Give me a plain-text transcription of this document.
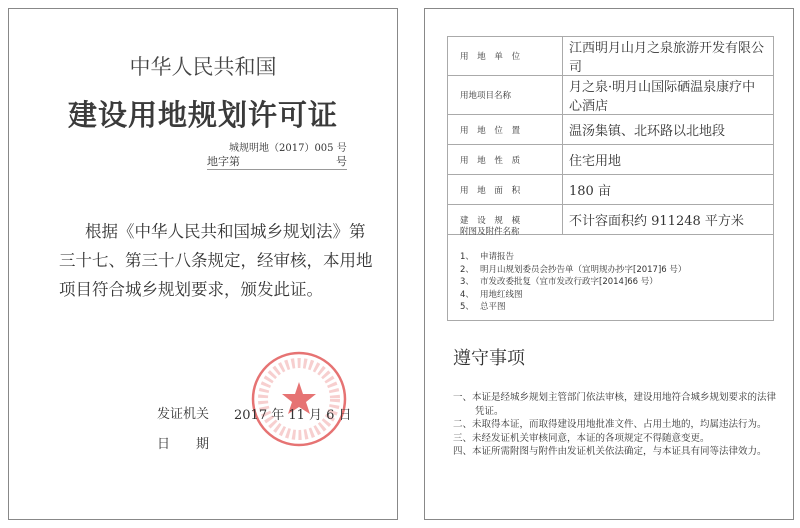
中华人民共和国
建设用地规划许可证
城规明地（2017）005 号
地字第	号

根据《中华人民共和国城乡规划法》第

三十七、第三十八条规定，经审核，本用地

项目符合城乡规划要求，颁发此证。

发证机关 2017 年 11 月 6 日
日　　期
用 地 单 位	江西明月山月之泉旅游开发有限公司
用地项目名称	月之泉·明月山国际硒温泉康疗中心酒店
用 地 位 置	温汤集镇、北环路以北地段
用 地 性 质	住宅用地
用 地 面 积	180 亩
建 设 规 模	不计容面积约 911248 平方米
附图及附件名称
1、 申请报告
2、 明月山规划委员会抄告单（宜明规办抄字[2017]6 号）
3、 市发改委批复（宜市发改行政字[2014]66 号）
4、 用地红线图
5、 总平图
遵守事项
一、本证是经城乡规划主管部门依法审核，建设用地符合城乡规划要求的法律凭证。
二、未取得本证，而取得建设用地批准文件、占用土地的，均属违法行为。
三、未经发证机关审核同意，本证的各项规定不得随意变更。
四、本证所需附图与附件由发证机关依法确定，与本证具有同等法律效力。
